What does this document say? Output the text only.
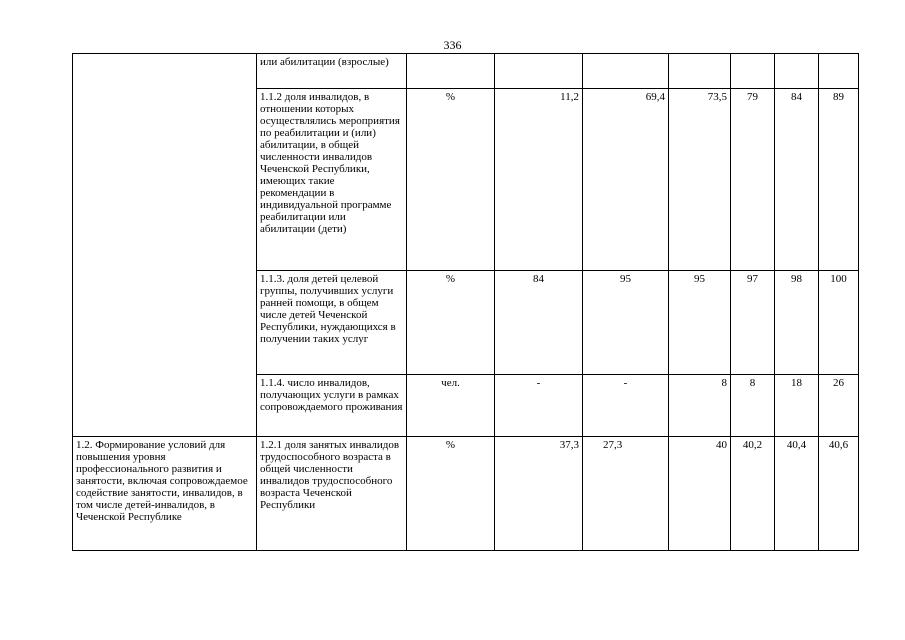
336
	или абилитации (взрослые)							
	1.1.2 доля инвалидов, в отношении которых осуществлялись мероприятия по реабилитации и (или) абилитации, в общей численности инвалидов Чеченской Республики, имеющих такие рекомендации в индивидуальной программе реабилитации или абилитации (дети)	%	11,2	69,4	73,5	79	84	89
	1.1.3. доля детей целевой группы, получивших услуги ранней помощи, в общем числе детей Чеченской Республики, нуждающихся в получении таких услуг	%	84	95	95	97	98	100
	1.1.4. число инвалидов, получающих услуги в рамках сопровождаемого проживания	чел.	-	-	8	8	18	26
1.2. Формирование условий для повышения уровня профессионального развития и занятости, включая сопровождаемое содействие занятости, инвалидов, в том числе детей-инвалидов, в Чеченской Республике	1.2.1 доля занятых инвалидов трудоспособного возраста в общей численности инвалидов трудоспособного возраста Чеченской Республики	%	37,3	27,3	40	40,2	40,4	40,6
